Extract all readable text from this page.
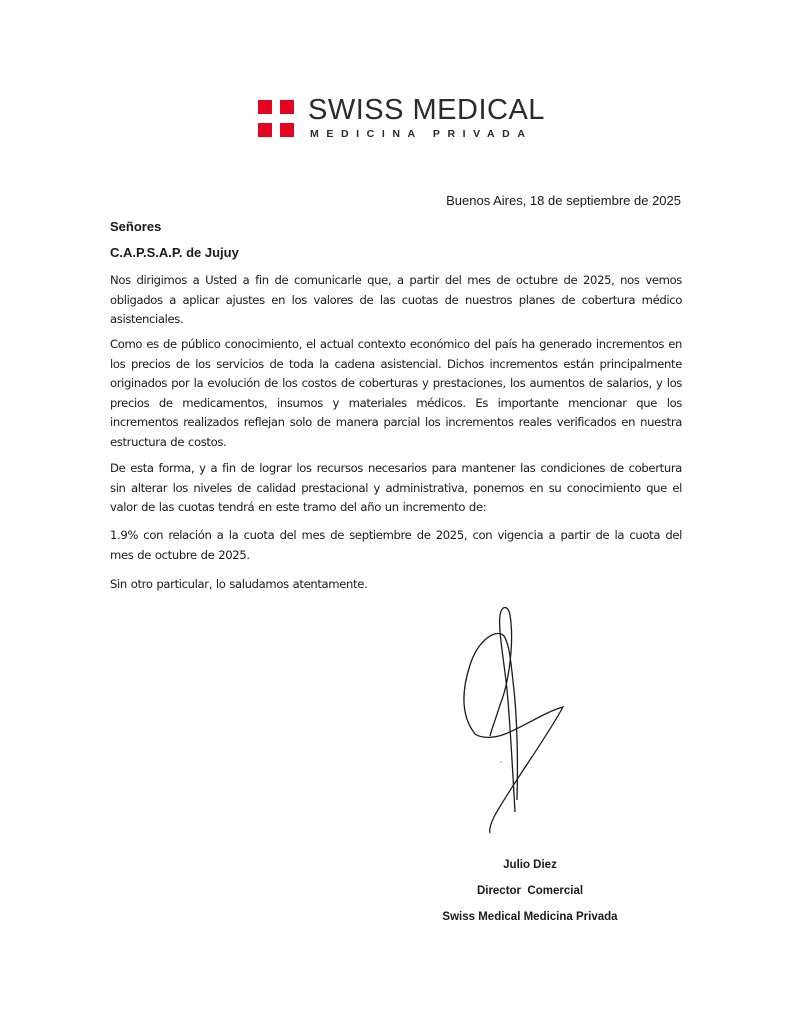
SWISS MEDICAL
MEDICINA PRIVADA
Buenos Aires, 18 de septiembre de 2025
Señores
C.A.P.S.A.P. de Jujuy

Nos dirigimos a Usted a fin de comunicarle que, a partir del mes de octubre de 2025, nos vemos obligados a aplicar ajustes en los valores de las cuotas de nuestros planes de cobertura médico asistenciales.

Como es de público conocimiento, el actual contexto económico del país ha generado incrementos en los precios de los servicios de toda la cadena asistencial. Dichos incrementos están principalmente originados por la evolución de los costos de coberturas y prestaciones, los aumentos de salarios, y los precios de medicamentos, insumos y materiales médicos. Es importante mencionar que los incrementos realizados reflejan solo de manera parcial los incrementos reales verificados en nuestra estructura de costos.

De esta forma, y a fin de lograr los recursos necesarios para mantener las condiciones de cobertura sin alterar los niveles de calidad prestacional y administrativa, ponemos en su conocimiento que el valor de las cuotas tendrá en este tramo del año un incremento de:

1.9% con relación a la cuota del mes de septiembre de 2025, con vigencia a partir de la cuota del mes de octubre de 2025.

Sin otro particular, lo saludamos atentamente.

Julio Diez
Director  Comercial
Swiss Medical Medicina Privada
